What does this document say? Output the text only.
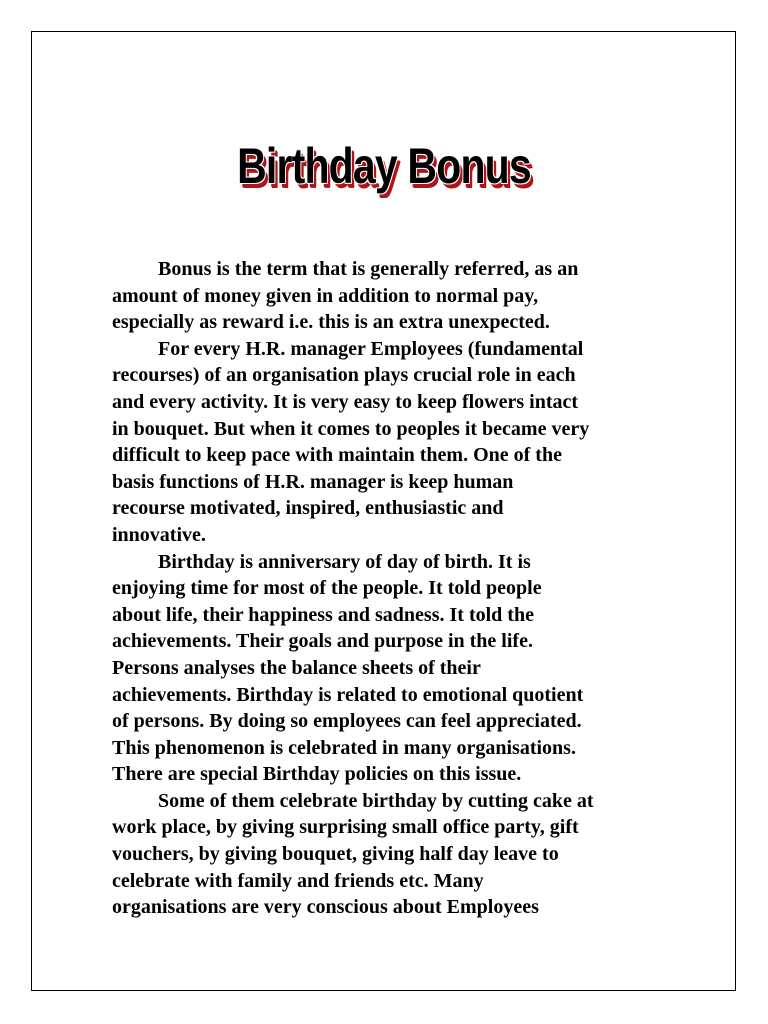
Birthday Bonus

Bonus is the term that is generally referred, as an
amount of money given in addition to normal pay,
especially as reward i.e. this is an extra unexpected.

For every H.R. manager Employees (fundamental
recourses) of an organisation plays crucial role in each
and every activity. It is very easy to keep flowers intact
in bouquet. But when it comes to peoples it became very
difficult to keep pace with maintain them. One of the
basis functions of H.R. manager is keep human
recourse motivated, inspired, enthusiastic and
innovative.

Birthday is anniversary of day of birth. It is
enjoying time for most of the people. It told people
about life, their happiness and sadness. It told the
achievements. Their goals and purpose in the life.
Persons analyses the balance sheets of their
achievements. Birthday is related to emotional quotient
of persons. By doing so employees can feel appreciated.
This phenomenon is celebrated in many organisations.
There are special Birthday policies on this issue.

Some of them celebrate birthday by cutting cake at
work place, by giving surprising small office party, gift
vouchers, by giving bouquet, giving half day leave to
celebrate with family and friends etc. Many
organisations are very conscious about Employees
